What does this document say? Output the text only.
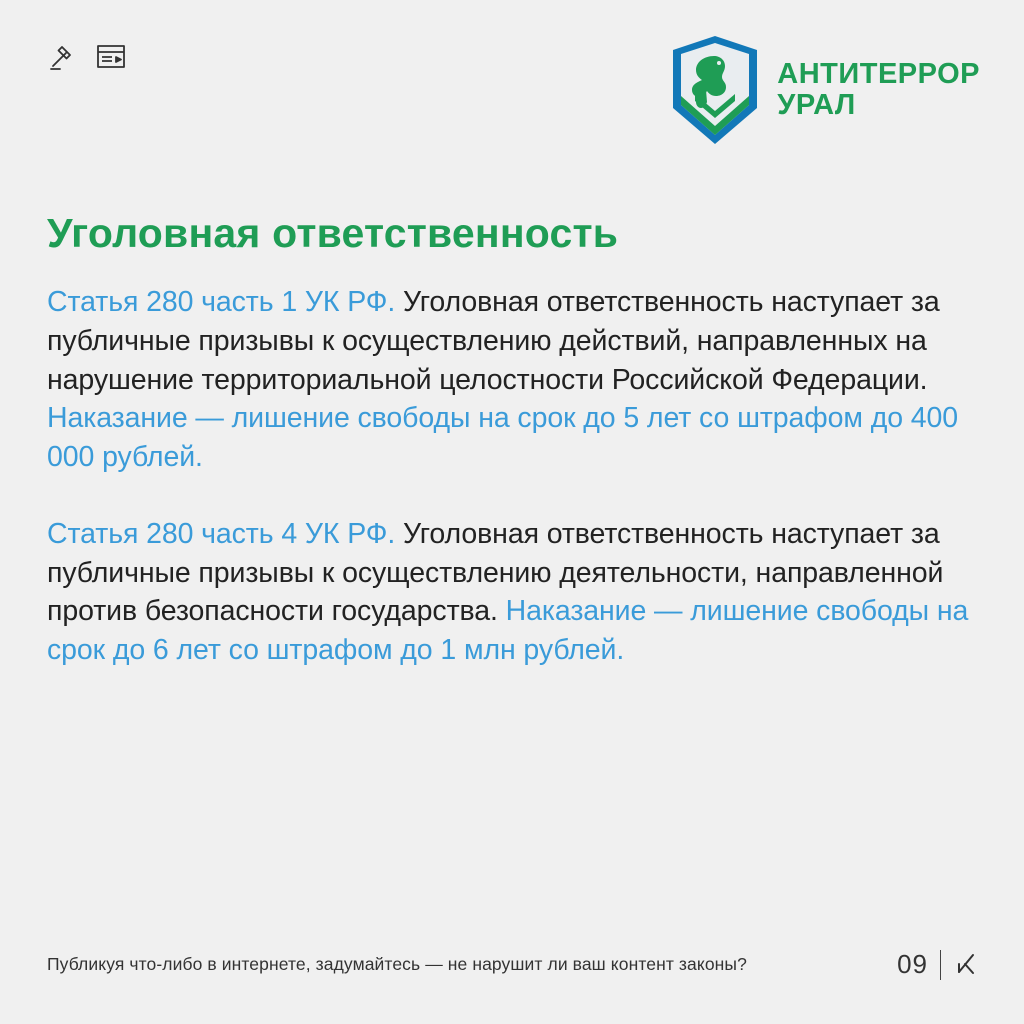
АНТИТЕРРОР
УРАЛ
Уголовная ответственность

Статья 280 часть 1 УК РФ. Уголовная ответственность наступает за публичные призывы к осуществлению действий, направленных на нарушение территориальной целостности Российской Федерации. Наказание — лишение свободы на срок до 5 лет со штрафом до 400 000 рублей.

Статья 280 часть 4 УК РФ. Уголовная ответственность наступает за публичные призывы к осуществлению деятельности, направленной против безопасности государства. Наказание — лишение свободы на срок до 6 лет со штрафом до 1 млн рублей.

Публикуя что-либо в интернете, задумайтесь — не нарушит ли ваш контент законы?	09
